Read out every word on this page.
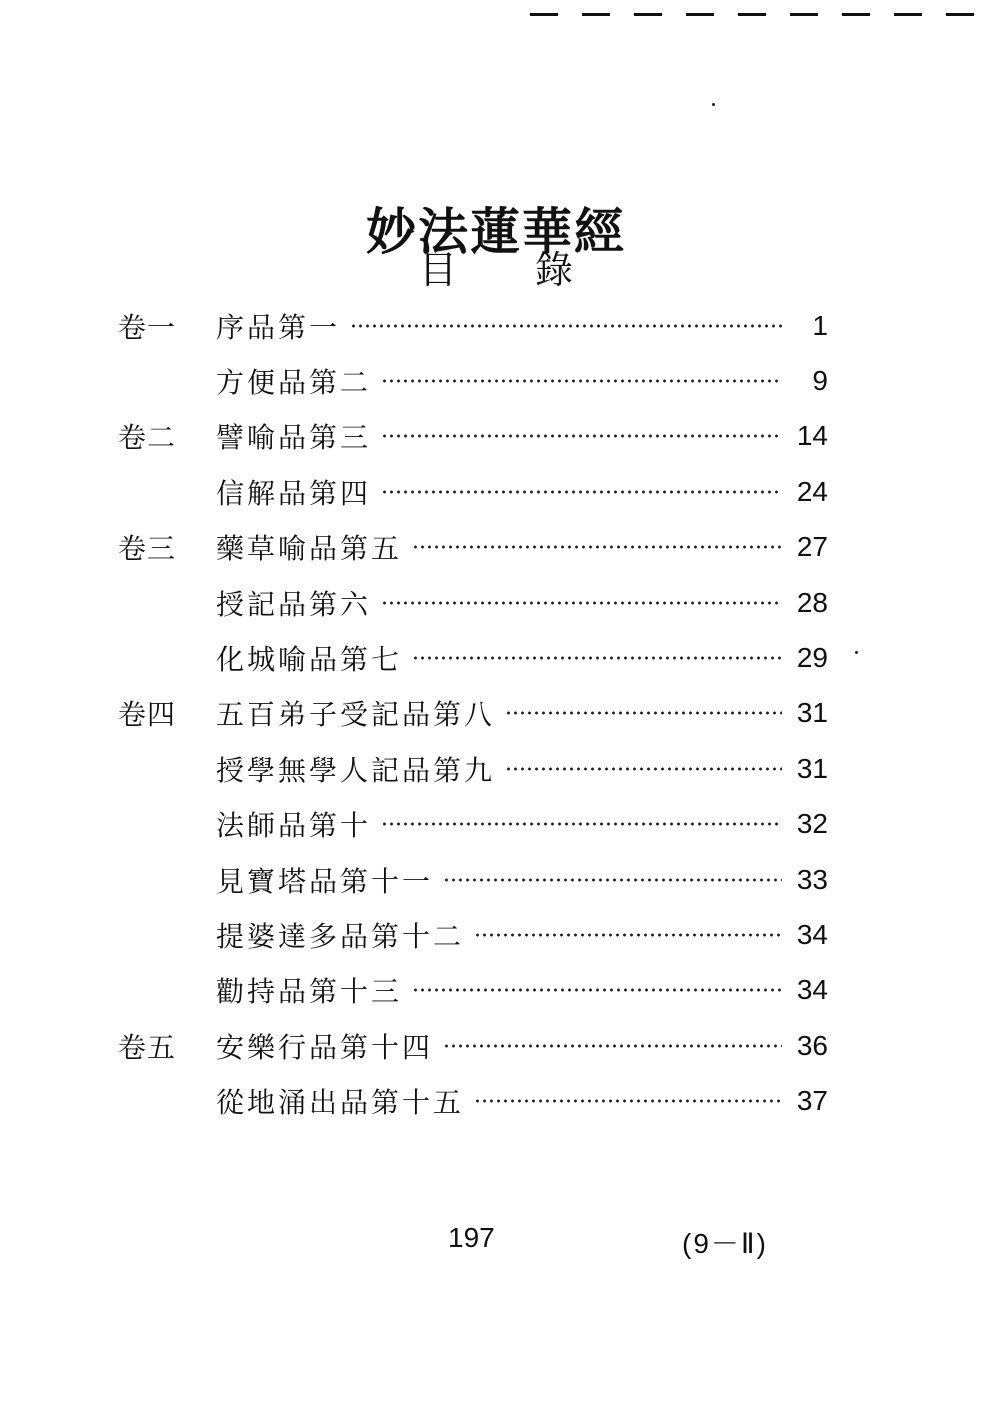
妙法蓮華經
目 錄
卷一	序品第一	1
方便品第二	9
卷二	譬喻品第三	14
信解品第四	24
卷三	藥草喻品第五	27
授記品第六	28
化城喻品第七	29
卷四	五百弟子受記品第八	31
授學無學人記品第九	31
法師品第十	32
見寶塔品第十一	33
提婆達多品第十二	34
勸持品第十三	34
卷五	安樂行品第十四	36
從地涌出品第十五	37
197	(9－Ⅱ)
